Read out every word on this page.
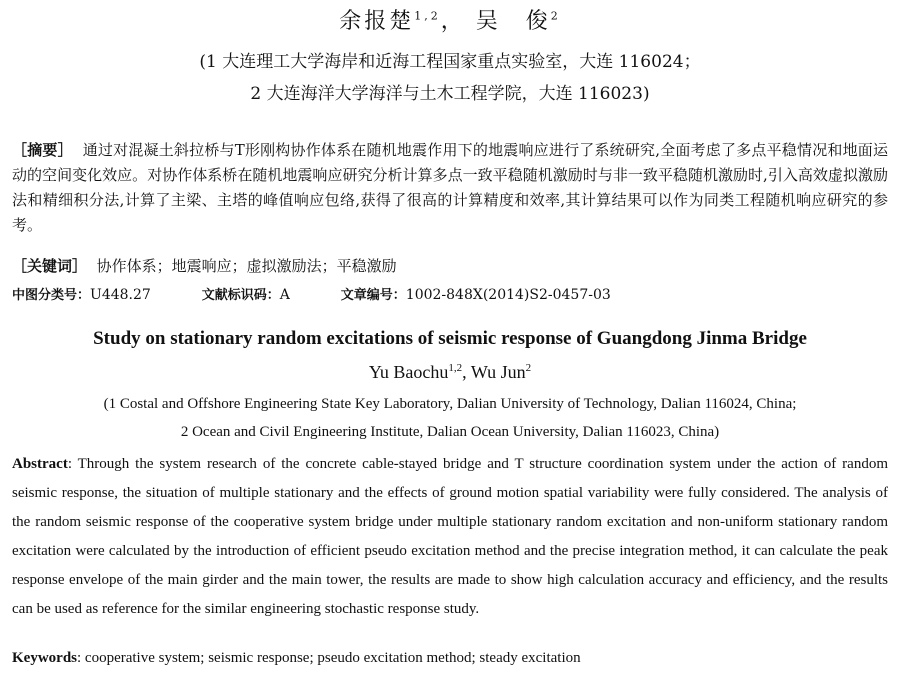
余报楚$^{1,2}$， 吴　俊$^2$
(1 大连理工大学海岸和近海工程国家重点实验室，大连 116024；
2 大连海洋大学海洋与土木工程学院，大连 116023)

［摘要］ 通过对混凝土斜拉桥与T形刚构协作体系在随机地震作用下的地震响应进行了系统研究,全面考虑了多点平稳情况和地面运动的空间变化效应。对协作体系桥在随机地震响应研究分析计算多点一致平稳随机激励时与非一致平稳随机激励时,引入高效虚拟激励法和精细积分法,计算了主梁、主塔的峰值响应包络,获得了很高的计算精度和效率,其计算结果可以作为同类工程随机响应研究的参考。

［关键词］ 协作体系；地震响应；虚拟激励法；平稳激励
中图分类号：U448.27	文献标识码：A	文章编号：1002-848X(2014)S2-0457-03
Study on stationary random excitations of seismic response of Guangdong Jinma Bridge
Yu Baochu$^{1,2}$, Wu Jun$^2$
(1 Costal and Offshore Engineering State Key Laboratory, Dalian University of Technology, Dalian 116024, China;
2 Ocean and Civil Engineering Institute, Dalian Ocean University, Dalian 116023, China)

Abstract: Through the system research of the concrete cable-stayed bridge and T structure coordination system under the action of random seismic response, the situation of multiple stationary and the effects of ground motion spatial variability were fully considered. The analysis of the random seismic response of the cooperative system bridge under multiple stationary random excitation and non-uniform stationary random excitation were calculated by the introduction of efficient pseudo excitation method and the precise integration method, it can calculate the peak response envelope of the main girder and the main tower, the results are made to show high calculation accuracy and efficiency, and the results can be used as reference for the similar engineering stochastic response study.

Keywords: cooperative system; seismic response; pseudo excitation method; steady excitation
